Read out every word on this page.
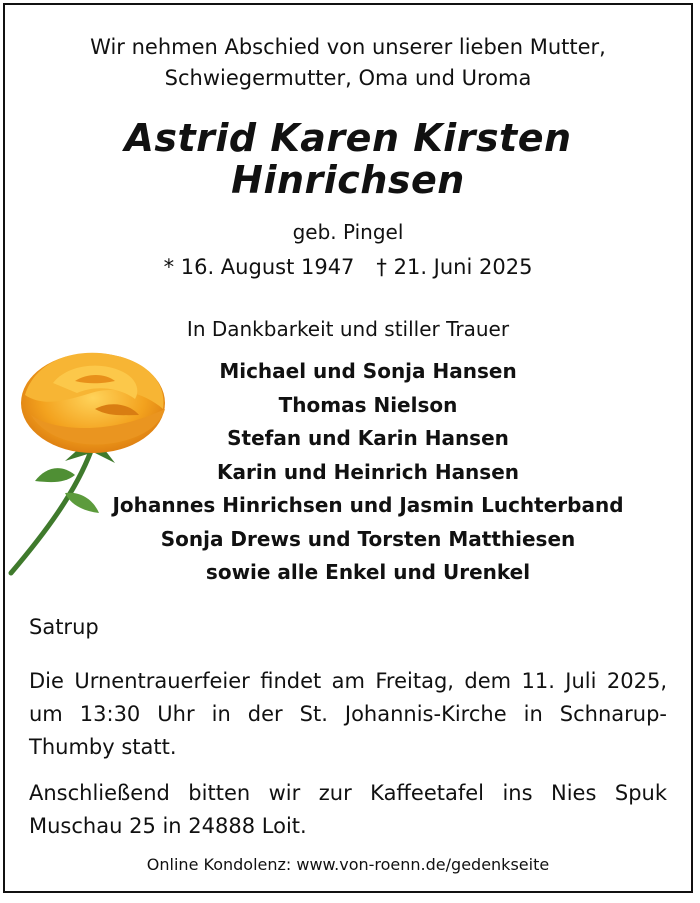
Wir nehmen Abschied von unserer lieben Mutter,
Schwiegermutter, Oma und Uroma
Astrid Karen Kirsten
Hinrichsen
geb. Pingel
* 16. August 1947 † 21. Juni 2025
In Dankbarkeit und stiller Trauer
Michael und Sonja Hansen
Thomas Nielson
Stefan und Karin Hansen
Karin und Heinrich Hansen
Johannes Hinrichsen und Jasmin Luchterband
Sonja Drews und Torsten Matthiesen
sowie alle Enkel und Urenkel
Satrup
Die Urnentrauerfeier findet am Freitag, dem 11. Juli 2025, um 13:30 Uhr in der St. Johannis-Kirche in Schnarup-Thumby statt.
Anschließend bitten wir zur Kaffeetafel ins Nies Spuk Muschau 25 in 24888 Loit.
Online Kondolenz: www.von-roenn.de/gedenkseite
